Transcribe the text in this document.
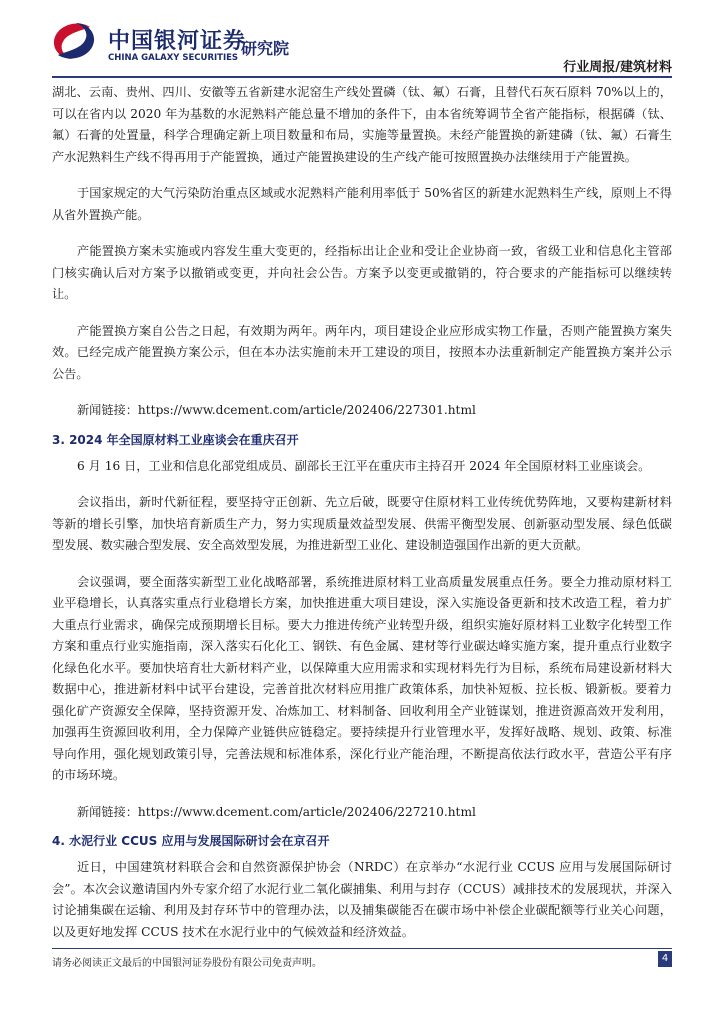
中国银河证券
CHINA GALAXY SECURITIES 研究院
行业周报/建筑材料

湖北、云南、贵州、四川、安徽等五省新建水泥窑生产线处置磷（钛、氟）石膏，且替代石灰石原料 70%以上的，可以在省内以 2020 年为基数的水泥熟料产能总量不增加的条件下，由本省统筹调节全省产能指标，根据磷（钛、氟）石膏的处置量，科学合理确定新上项目数量和布局，实施等量置换。未经产能置换的新建磷（钛、氟）石膏生产水泥熟料生产线不得再用于产能置换，通过产能置换建设的生产线产能可按照置换办法继续用于产能置换。

于国家规定的大气污染防治重点区域或水泥熟料产能利用率低于 50%省区的新建水泥熟料生产线，原则上不得从省外置换产能。

产能置换方案未实施或内容发生重大变更的，经指标出让企业和受让企业协商一致，省级工业和信息化主管部门核实确认后对方案予以撤销或变更，并向社会公告。方案予以变更或撤销的，符合要求的产能指标可以继续转让。

产能置换方案自公告之日起，有效期为两年。两年内，项目建设企业应形成实物工作量，否则产能置换方案失效。已经完成产能置换方案公示，但在本办法实施前未开工建设的项目，按照本办法重新制定产能置换方案并公示公告。

新闻链接：https://www.dcement.com/article/202406/227301.html

3. 2024 年全国原材料工业座谈会在重庆召开

6 月 16 日，工业和信息化部党组成员、副部长王江平在重庆市主持召开 2024 年全国原材料工业座谈会。

会议指出，新时代新征程，要坚持守正创新、先立后破，既要守住原材料工业传统优势阵地，又要构建新材料等新的增长引擎，加快培育新质生产力，努力实现质量效益型发展、供需平衡型发展、创新驱动型发展、绿色低碳型发展、数实融合型发展、安全高效型发展，为推进新型工业化、建设制造强国作出新的更大贡献。

会议强调，要全面落实新型工业化战略部署，系统推进原材料工业高质量发展重点任务。要全力推动原材料工业平稳增长，认真落实重点行业稳增长方案，加快推进重大项目建设，深入实施设备更新和技术改造工程，着力扩大重点行业需求，确保完成预期增长目标。要大力推进传统产业转型升级，组织实施好原材料工业数字化转型工作方案和重点行业实施指南，深入落实石化化工、钢铁、有色金属、建材等行业碳达峰实施方案，提升重点行业数字化绿色化水平。要加快培育壮大新材料产业，以保障重大应用需求和实现材料先行为目标，系统布局建设新材料大数据中心，推进新材料中试平台建设，完善首批次材料应用推广政策体系，加快补短板、拉长板、锻新板。要着力强化矿产资源安全保障，坚持资源开发、冶炼加工、材料制备、回收利用全产业链谋划，推进资源高效开发利用，加强再生资源回收利用，全力保障产业链供应链稳定。要持续提升行业管理水平，发挥好战略、规划、政策、标准导向作用，强化规划政策引导，完善法规和标准体系，深化行业产能治理，不断提高依法行政水平，营造公平有序的市场环境。

新闻链接：https://www.dcement.com/article/202406/227210.html

4. 水泥行业 CCUS 应用与发展国际研讨会在京召开

近日，中国建筑材料联合会和自然资源保护协会（NRDC）在京举办“水泥行业 CCUS 应用与发展国际研讨会”。本次会议邀请国内外专家介绍了水泥行业二氧化碳捕集、利用与封存（CCUS）减排技术的发展现状，并深入讨论捕集碳在运输、利用及封存环节中的管理办法，以及捕集碳能否在碳市场中补偿企业碳配额等行业关心问题，以及更好地发挥 CCUS 技术在水泥行业中的气候效益和经济效益。

请务必阅读正文最后的中国银河证券股份有限公司免责声明。	4
